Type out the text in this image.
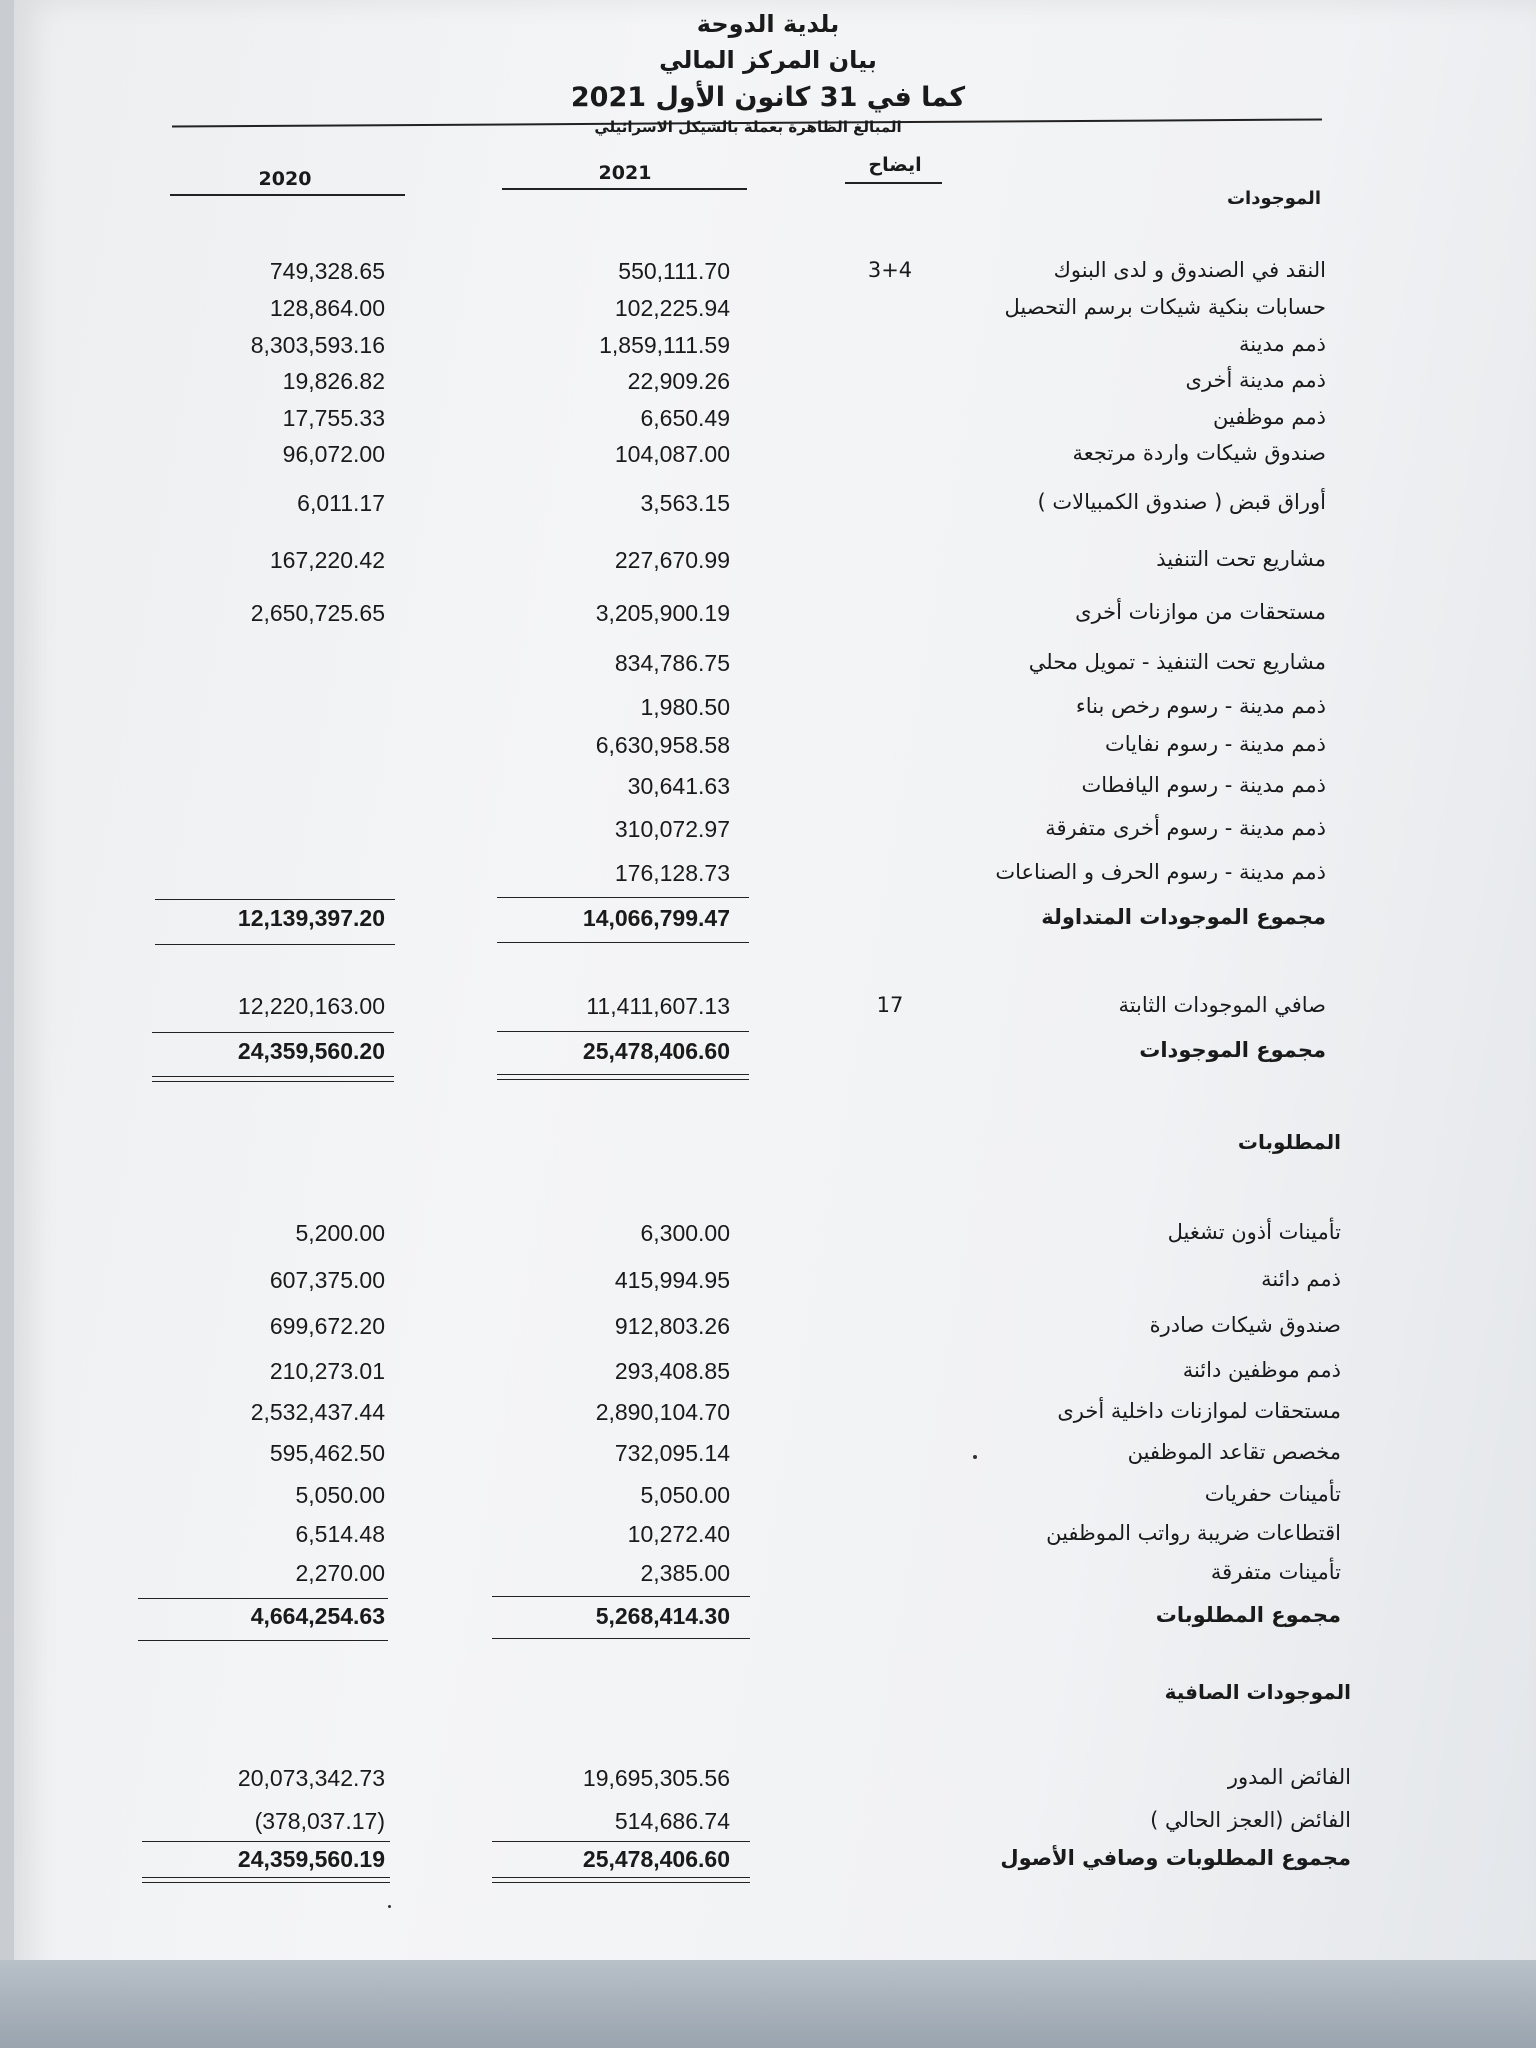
بلدية الدوحة
بيان المركز المالي
كما في 31 كانون الأول 2021
المبالغ الظاهرة بعملة بالشيكل الاسرائيلي
2020	2021	ايضاح
الموجودات
النقد في الصندوق و لدى البنوك
3+4
550,111.70
749,328.65
حسابات بنكية شيكات برسم التحصيل
102,225.94
128,864.00
ذمم مدينة
1,859,111.59
8,303,593.16
ذمم مدينة أخرى
22,909.26
19,826.82
ذمم موظفين
6,650.49
17,755.33
صندوق شيكات واردة مرتجعة
104,087.00
96,072.00
أوراق قبض ( صندوق الكمبيالات )
3,563.15
6,011.17
مشاريع تحت التنفيذ
227,670.99
167,220.42
مستحقات من موازنات أخرى
3,205,900.19
2,650,725.65
مشاريع تحت التنفيذ - تمويل محلي
834,786.75
ذمم مدينة - رسوم رخص بناء
1,980.50
ذمم مدينة - رسوم نفايات
6,630,958.58
ذمم مدينة - رسوم اليافطات
30,641.63
ذمم مدينة - رسوم أخرى متفرقة
310,072.97
ذمم مدينة - رسوم الحرف و الصناعات
176,128.73
مجموع الموجودات المتداولة
14,066,799.47
12,139,397.20
صافي الموجودات الثابتة
17
11,411,607.13
12,220,163.00
مجموع الموجودات
25,478,406.60
24,359,560.20
المطلوبات
تأمينات أذون تشغيل
6,300.00
5,200.00
ذمم دائنة
415,994.95
607,375.00
صندوق شيكات صادرة
912,803.26
699,672.20
ذمم موظفين دائنة
293,408.85
210,273.01
مستحقات لموازنات داخلية أخرى
2,890,104.70
2,532,437.44
مخصص تقاعد الموظفين
732,095.14
595,462.50
تأمينات حفريات
5,050.00
5,050.00
اقتطاعات ضريبة رواتب الموظفين
10,272.40
6,514.48
تأمينات متفرقة
2,385.00
2,270.00
مجموع المطلوبات
5,268,414.30
4,664,254.63
الموجودات الصافية
الفائض المدور
19,695,305.56
20,073,342.73
الفائض (العجز الحالي )
514,686.74
(378,037.17)
مجموع المطلوبات وصافي الأصول
25,478,406.60
24,359,560.19
